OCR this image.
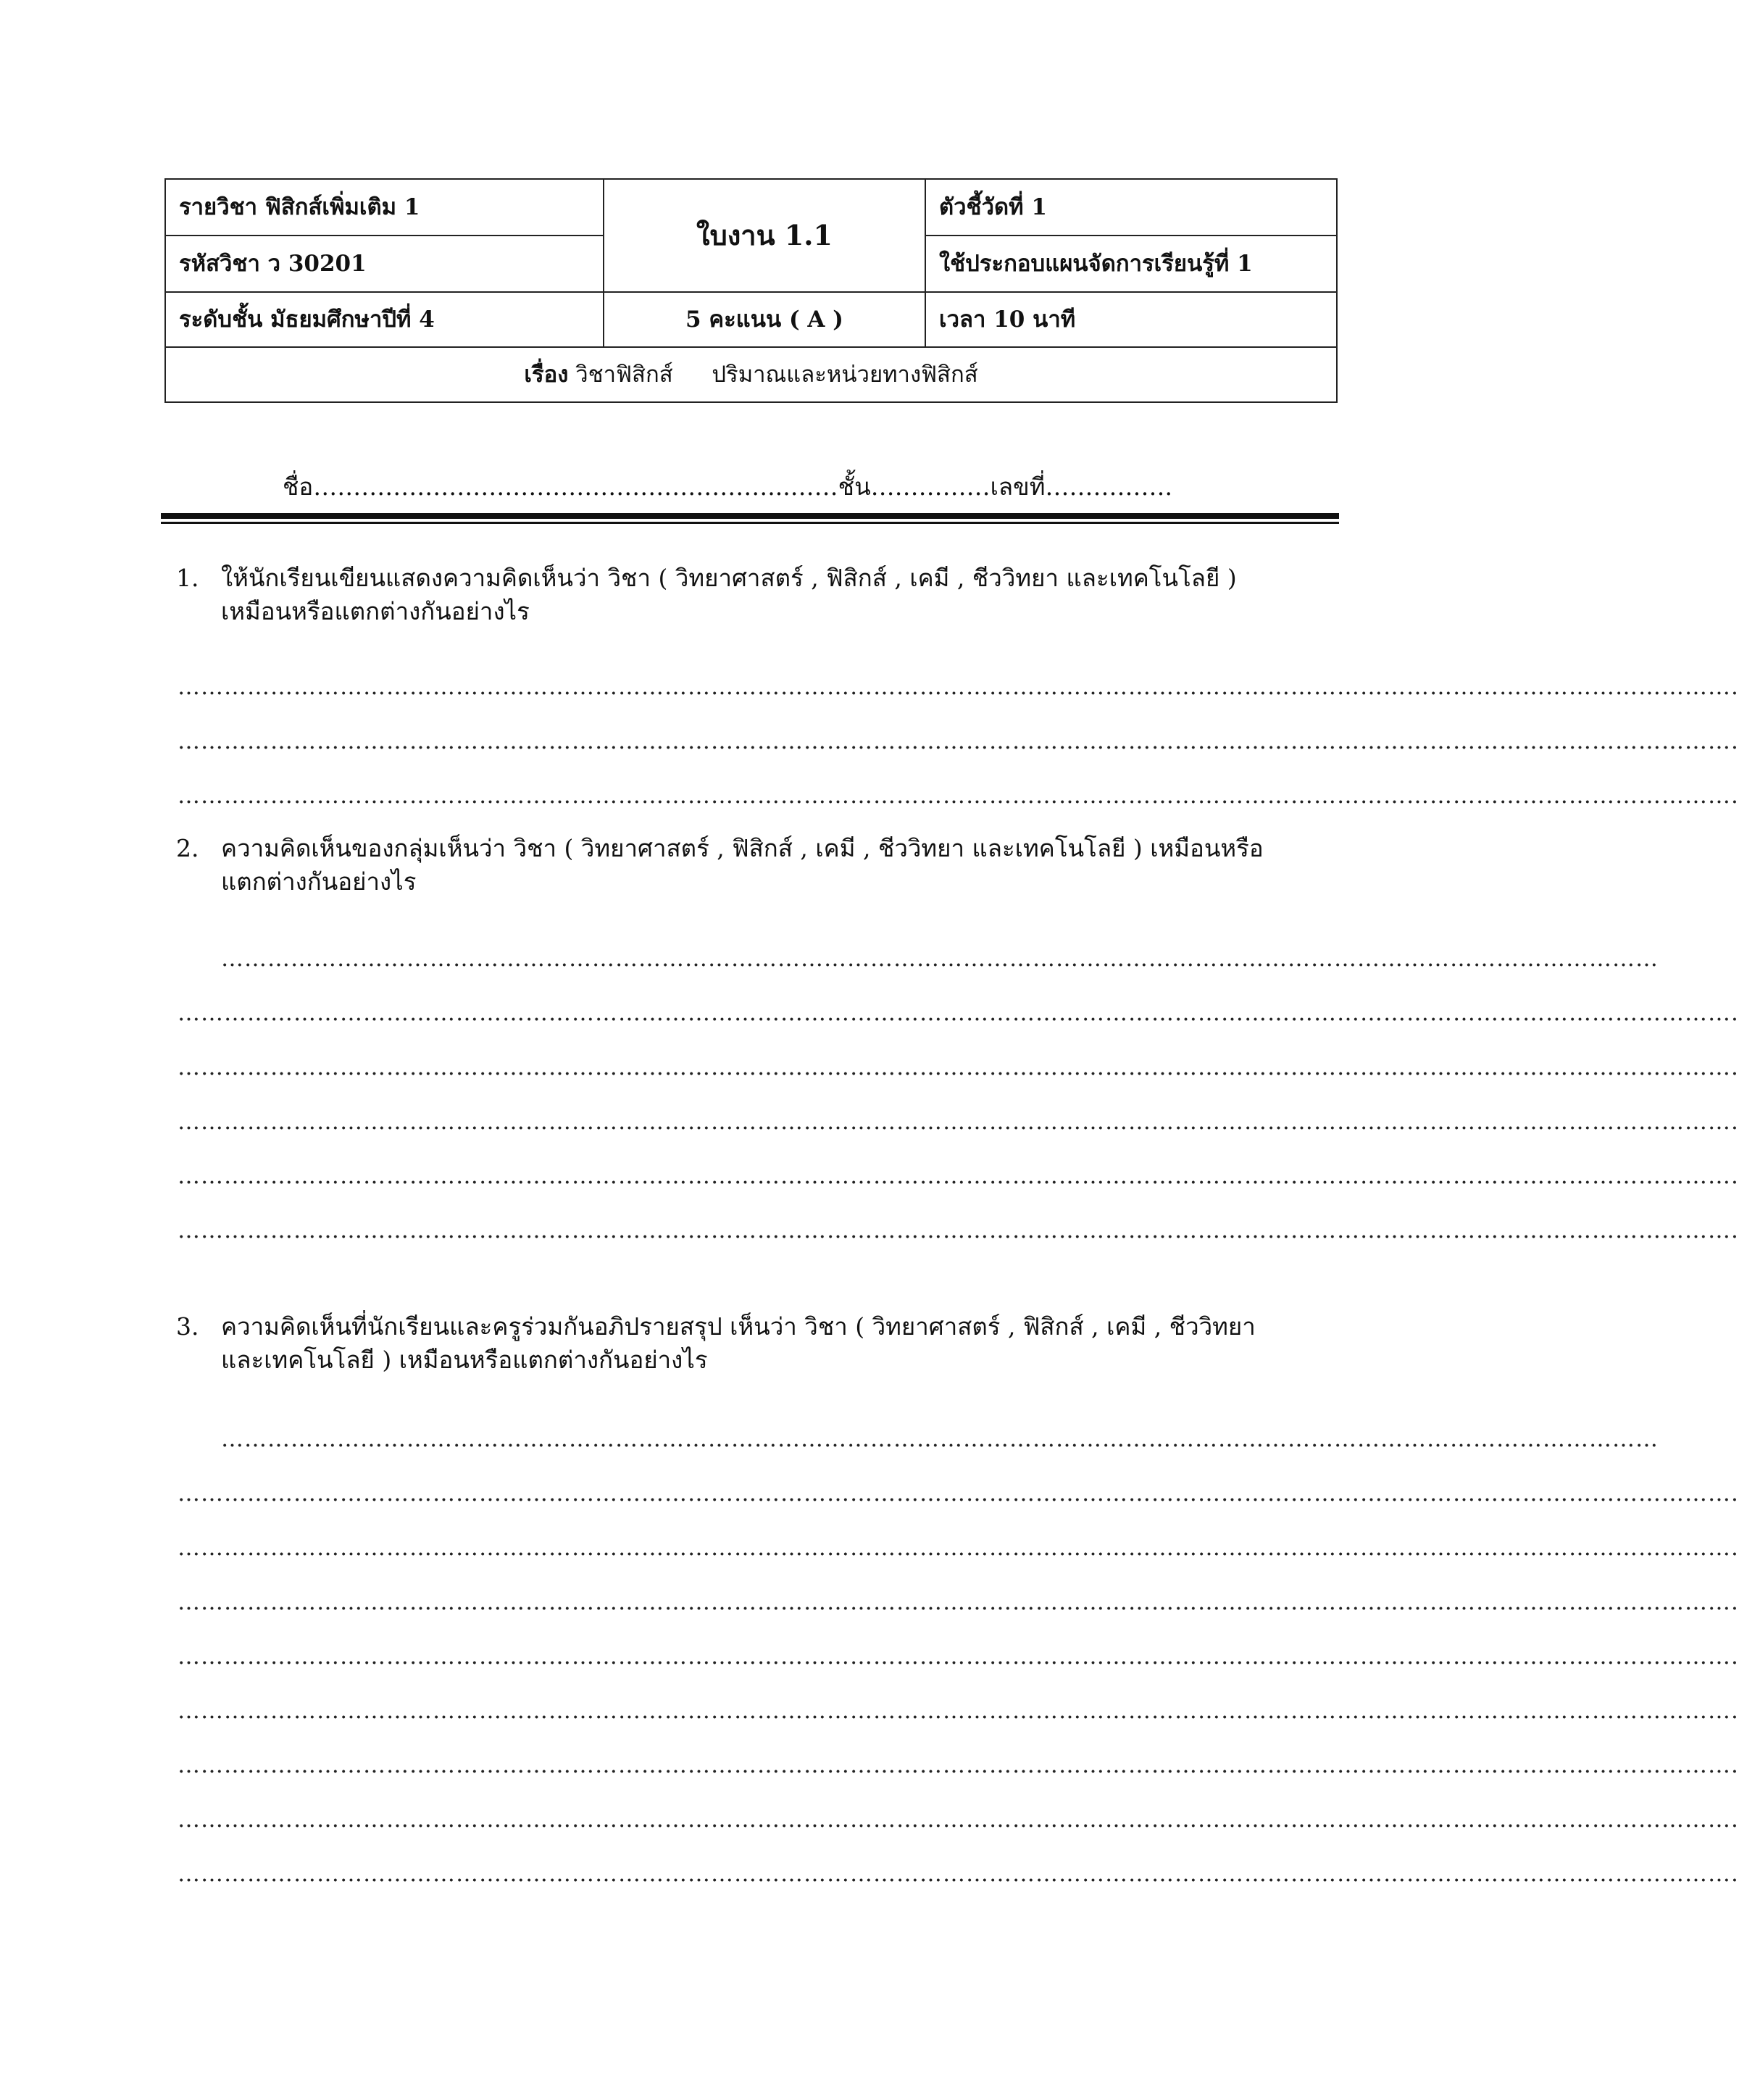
รายวิชา ฟิสิกส์เพิ่มเติม 1	ใบงาน 1.1	ตัวชี้วัดที่ 1
รหัสวิชา ว 30201		ใช้ประกอบแผนจัดการเรียนรู้ที่ 1
ระดับชั้น มัธยมศึกษาปีที่ 4	5 คะแนน ( A )	เวลา 10 นาที
เรื่อง วิชาฟิสิกส์ ปริมาณและหน่วยทางฟิสิกส์		
ชื่อ…………………………………………………...……ชั้น……………เลขที่…………….
1. ให้นักเรียนเขียนแสดงความคิดเห็นว่า วิชา ( วิทยาศาสตร์ , ฟิสิกส์ , เคมี , ชีววิทยา และเทคโนโลยี )
เหมือนหรือแตกต่างกันอย่างไร
………………………………………………………………………………………………………………………………………………………………………………….
………………………………………………………………………………………………………………………………………………………………………………….
………………………………………………………………………………………………………………………………………………………………………………….
2. ความคิดเห็นของกลุ่มเห็นว่า วิชา ( วิทยาศาสตร์ , ฟิสิกส์ , เคมี , ชีววิทยา และเทคโนโลยี ) เหมือนหรือ
แตกต่างกันอย่างไร
……………………………………………………………………………………………………………………………………………………………………
………………………………………………………………………………………………………………………………………………………………………………….
………………………………………………………………………………………………………………………………………………………………………………….
………………………………………………………………………………………………………………………………………………………………………………….
………………………………………………………………………………………………………………………………………………………………………………….
………………………………………………………………………………………………………………………………………………………………………………….
3. ความคิดเห็นที่นักเรียนและครูร่วมกันอภิปรายสรุป เห็นว่า วิชา ( วิทยาศาสตร์ , ฟิสิกส์ , เคมี , ชีววิทยา
และเทคโนโลยี ) เหมือนหรือแตกต่างกันอย่างไร
……………………………………………………………………………………………………………………………………………………………………
………………………………………………………………………………………………………………………………………………………………………………….
………………………………………………………………………………………………………………………………………………………………………………….
………………………………………………………………………………………………………………………………………………………………………………….
………………………………………………………………………………………………………………………………………………………………………………….
………………………………………………………………………………………………………………………………………………………………………………….
………………………………………………………………………………………………………………………………………………………………………………….
………………………………………………………………………………………………………………………………………………………………………………….
………………………………………………………………………………………………………………………………………………………………………………….
